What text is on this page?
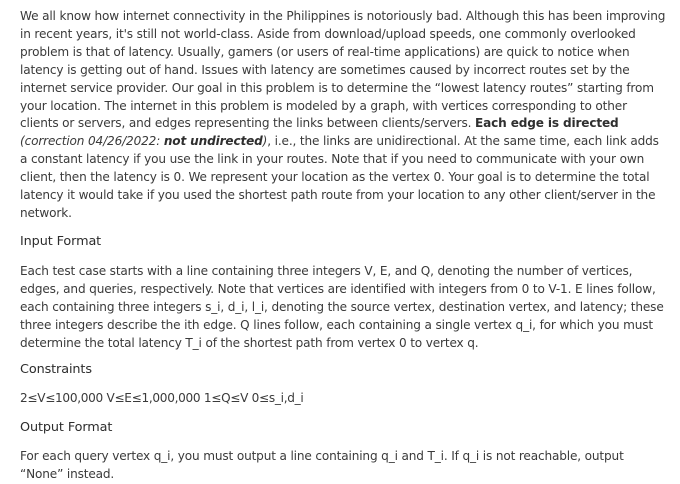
We all know how internet connectivity in the Philippines is notoriously bad. Although this has been improving in recent years, it's still not world-class. Aside from download/upload speeds, one commonly overlooked problem is that of latency. Usually, gamers (or users of real-time applications) are quick to notice when latency is getting out of hand. Issues with latency are sometimes caused by incorrect routes set by the internet service provider. Our goal in this problem is to determine the “lowest latency routes” starting from your location. The internet in this problem is modeled by a graph, with vertices corresponding to other clients or servers, and edges representing the links between clients/servers. Each edge is directed (correction 04/26/2022: not undirected), i.e., the links are unidirectional. At the same time, each link adds a constant latency if you use the link in your routes. Note that if you need to communicate with your own client, then the latency is 0. We represent your location as the vertex 0. Your goal is to determine the total latency it would take if you used the shortest path route from your location to any other client/server in the network.

Input Format

Each test case starts with a line containing three integers V, E, and Q, denoting the number of vertices, edges, and queries, respectively. Note that vertices are identified with integers from 0 to V-1. E lines follow, each containing three integers s_i, d_i, l_i, denoting the source vertex, destination vertex, and latency; these three integers describe the ith edge. Q lines follow, each containing a single vertex q_i, for which you must determine the total latency T_i of the shortest path from vertex 0 to vertex q.

Constraints

2≤V≤100,000 V≤E≤1,000,000 1≤Q≤V 0≤s_i,d_i

Output Format

For each query vertex q_i, you must output a line containing q_i and T_i. If q_i is not reachable, output “None” instead.
